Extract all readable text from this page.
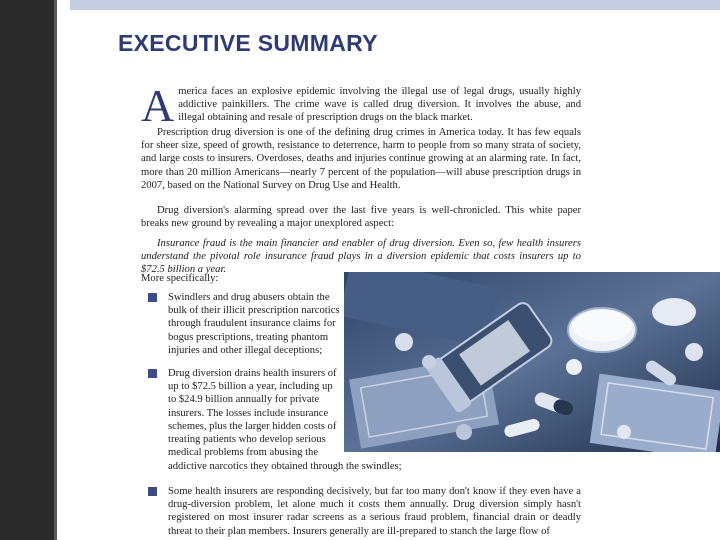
EXECUTIVE SUMMARY

America faces an explosive epidemic involving the illegal use of legal drugs, usually highly addictive painkillers. The crime wave is called drug diversion. It involves the abuse, and illegal obtaining and resale of prescription drugs on the black market.

Prescription drug diversion is one of the defining drug crimes in America today. It has few equals for sheer size, speed of growth, resistance to deterrence, harm to people from so many strata of society, and large costs to insurers. Overdoses, deaths and injuries continue growing at an alarming rate. In fact, more than 20 million Americans—nearly 7 percent of the population—will abuse prescription drugs in 2007, based on the National Survey on Drug Use and Health.

Drug diversion's alarming spread over the last five years is well-chronicled. This white paper breaks new ground by revealing a major unexplored aspect:

Insurance fraud is the main financier and enabler of drug diversion. Even so, few health insurers understand the pivotal role insurance fraud plays in a diversion epidemic that costs insurers up to $72.5 billion a year.

More specifically:

Swindlers and drug abusers obtain the bulk of their illicit prescription narcotics through fraudulent insurance claims for bogus prescriptions, treating phantom injuries and other illegal deceptions;

Drug diversion drains health insurers of up to $72.5 billion a year, including up to $24.9 billion annually for private insurers. The losses include insurance schemes, plus the larger hidden costs of treating patients who develop serious medical problems from abusing the

addictive narcotics they obtained through the swindles;

Some health insurers are responding decisively, but far too many don't know if they even have a drug-diversion problem, let alone much it costs them annually. Drug diversion simply hasn't registered on most insurer radar screens as a serious fraud problem, financial drain or deadly threat to their plan members. Insurers generally are ill-prepared to stanch the large flow of
